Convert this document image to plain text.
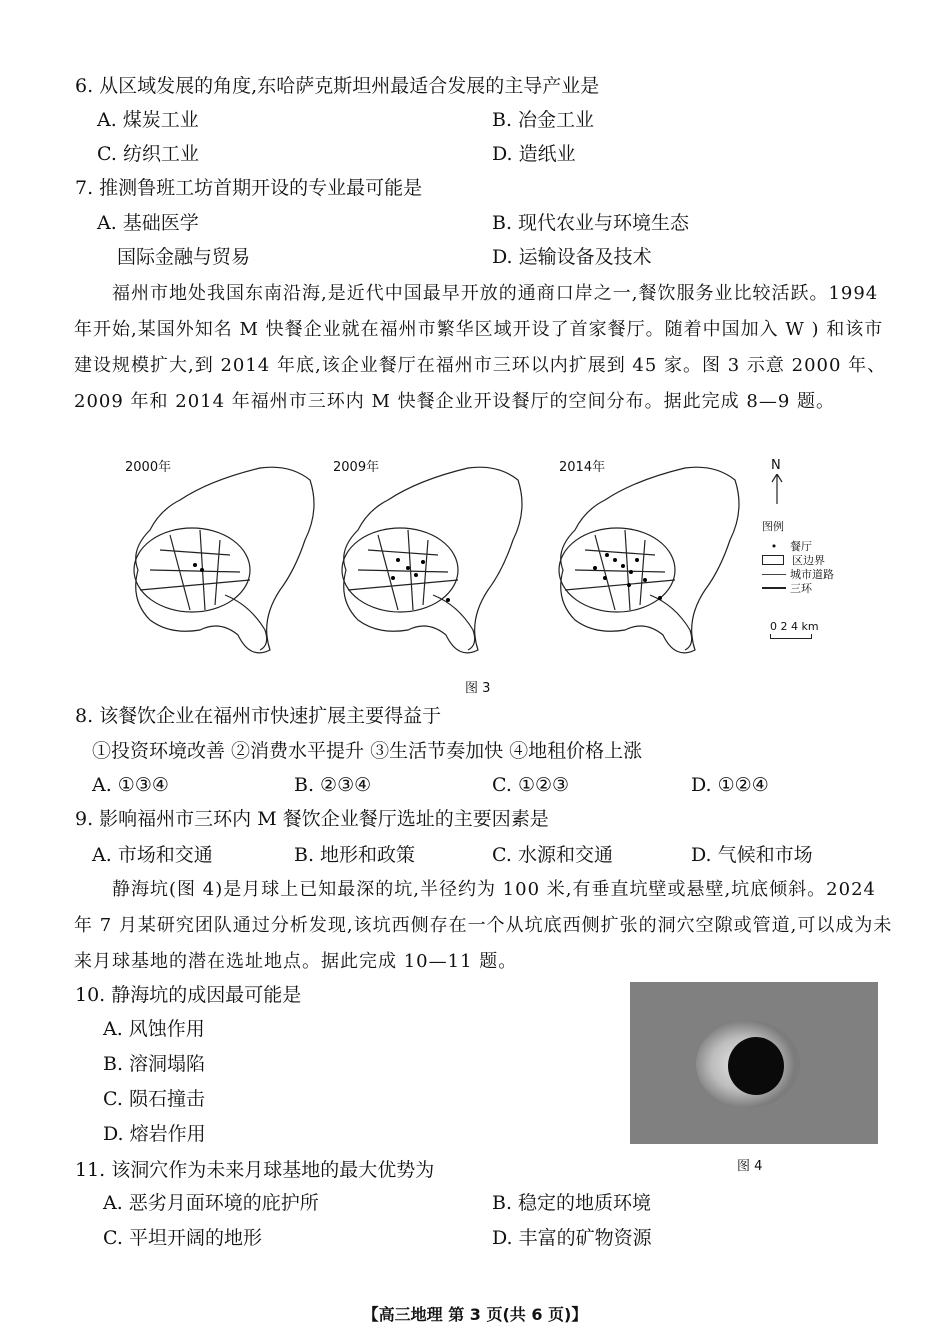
6. 从区域发展的角度,东哈萨克斯坦州最适合发展的主导产业是
A. 煤炭工业	B. 冶金工业
C. 纺织工业	D. 造纸业
7. 推测鲁班工坊首期开设的专业最可能是
A. 基础医学	B. 现代农业与环境生态
国际金融与贸易	D. 运输设备及技术
福州市地处我国东南沿海,是近代中国最早开放的通商口岸之一,餐饮服务业比较活跃。1994 年开始,某国外知名 M 快餐企业就在福州市繁华区域开设了首家餐厅。随着中国加入 W ) 和该市建设规模扩大,到 2014 年底,该企业餐厅在福州市三环以内扩展到 45 家。图 3 示意 2000 年、2009 年和 2014 年福州市三环内 M 快餐企业开设餐厅的空间分布。据此完成 8—9 题。
2000年	2009年	2014年	N
图例
•	餐厅
区边界
城市道路
三环
0 2 4 km
图 3
8. 该餐饮企业在福州市快速扩展主要得益于
①投资环境改善 ②消费水平提升 ③生活节奏加快 ④地租价格上涨
A. ①③④	B. ②③④	C. ①②③	D. ①②④
9. 影响福州市三环内 M 餐饮企业餐厅选址的主要因素是
A. 市场和交通	B. 地形和政策	C. 水源和交通	D. 气候和市场
静海坑(图 4)是月球上已知最深的坑,半径约为 100 米,有垂直坑壁或悬壁,坑底倾斜。2024 年 7 月某研究团队通过分析发现,该坑西侧存在一个从坑底西侧扩张的洞穴空隙或管道,可以成为未来月球基地的潜在选址地点。据此完成 10—11 题。
10. 静海坑的成因最可能是
A. 风蚀作用
B. 溶洞塌陷
C. 陨石撞击
D. 熔岩作用
图 4
11. 该洞穴作为未来月球基地的最大优势为
A. 恶劣月面环境的庇护所	B. 稳定的地质环境
C. 平坦开阔的地形	D. 丰富的矿物资源
【高三地理 第 3 页(共 6 页)】
